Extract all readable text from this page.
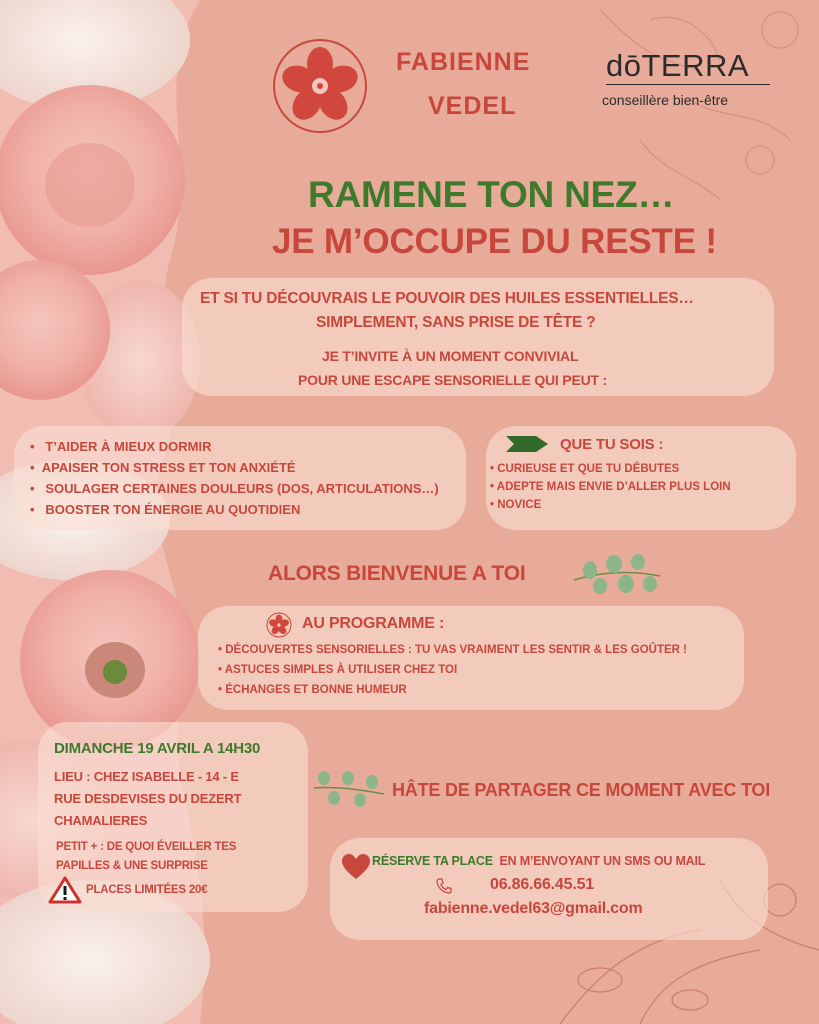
FABIENNE
VEDEL
dōTERRA
conseillère bien-être
RAMENE TON NEZ…
JE M’OCCUPE DU RESTE !
ET SI TU DÉCOUVRAIS LE POUVOIR DES HUILES ESSENTIELLES…
SIMPLEMENT, SANS PRISE DE TÊTE ?
JE T’INVITE À UN MOMENT CONVIVIAL
POUR UNE ESCAPE SENSORIELLE QUI PEUT :
•   T’AIDER À MIEUX DORMIR
•  APAISER TON STRESS ET TON ANXIÉTÉ
•   SOULAGER CERTAINES DOULEURS (DOS, ARTICULATIONS…)
•   BOOSTER TON ÉNERGIE AU QUOTIDIEN
QUE TU SOIS :
• CURIEUSE ET QUE TU DÉBUTES
• ADEPTE MAIS ENVIE D’ALLER PLUS LOIN
• NOVICE
ALORS BIENVENUE A TOI
AU PROGRAMME :
• DÉCOUVERTES SENSORIELLES : TU VAS VRAIMENT LES SENTIR & LES GOÛTER !
• ASTUCES SIMPLES À UTILISER CHEZ TOI
• ÉCHANGES ET BONNE HUMEUR
DIMANCHE 19 AVRIL A 14H30
LIEU : CHEZ ISABELLE - 14 - E
RUE DESDEVISES DU DEZERT
CHAMALIERES
PETIT + : DE QUOI ÉVEILLER TES
PAPILLES & UNE SURPRISE
PLACES LIMITÉES 20€
HÂTE DE PARTAGER CE MOMENT AVEC TOI
RÉSERVE TA PLACE EN M’ENVOYANT UN SMS OU MAIL
06.86.66.45.51
fabienne.vedel63@gmail.com
